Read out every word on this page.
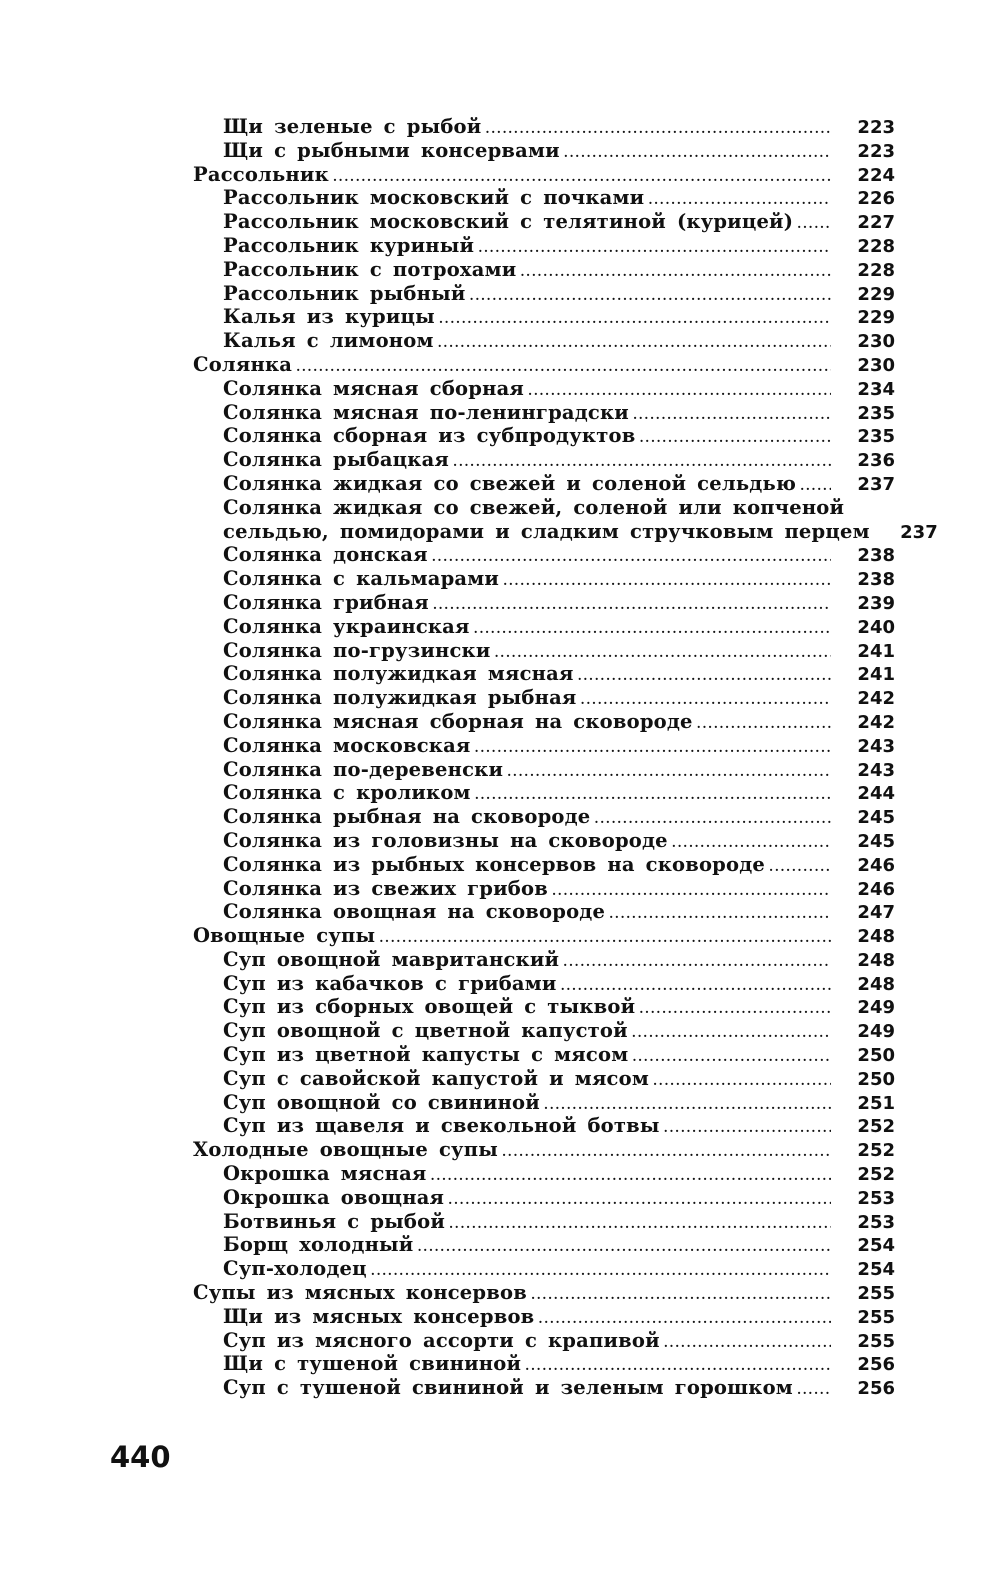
Щи зеленые с рыбой .....	223
Щи с рыбными консервами .....	223
Рассольник .....	224
Рассольник московский с почками .....	226
Рассольник московский с телятиной (курицей) .....	227
Рассольник куриный .....	228
Рассольник с потрохами .....	228
Рассольник рыбный .....	229
Калья из курицы .....	229
Калья с лимоном .....	230
Солянка .....	230
Солянка мясная сборная .....	234
Солянка мясная по-ленинградски .....	235
Солянка сборная из субпродуктов .....	235
Солянка рыбацкая .....	236
Солянка жидкая со свежей и соленой сельдью .....	237
Солянка жидкая со свежей, соленой или копченой
сельдью, помидорами и сладким стручковым перцем	237
Солянка донская .....	238
Солянка с кальмарами .....	238
Солянка грибная .....	239
Солянка украинская .....	240
Солянка по-грузински .....	241
Солянка полужидкая мясная .....	241
Солянка полужидкая рыбная .....	242
Солянка мясная сборная на сковороде .....	242
Солянка московская .....	243
Солянка по-деревенски .....	243
Солянка с кроликом .....	244
Солянка рыбная на сковороде .....	245
Солянка из головизны на сковороде .....	245
Солянка из рыбных консервов на сковороде .....	246
Солянка из свежих грибов .....	246
Солянка овощная на сковороде .....	247
Овощные супы .....	248
Суп овощной мавританский .....	248
Суп из кабачков с грибами .....	248
Суп из сборных овощей с тыквой .....	249
Суп овощной с цветной капустой .....	249
Суп из цветной капусты с мясом .....	250
Суп с савойской капустой и мясом .....	250
Суп овощной со свининой .....	251
Суп из щавеля и свекольной ботвы .....	252
Холодные овощные супы .....	252
Окрошка мясная .....	252
Окрошка овощная .....	253
Ботвинья с рыбой .....	253
Борщ холодный .....	254
Суп-холодец .....	254
Супы из мясных консервов .....	255
Щи из мясных консервов .....	255
Суп из мясного ассорти с крапивой .....	255
Щи с тушеной свининой .....	256
Суп с тушеной свининой и зеленым горошком .....	256
440
